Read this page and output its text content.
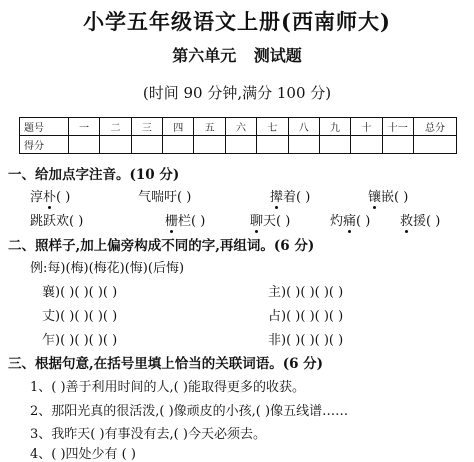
小学五年级语文上册(西南师大)
第六单元 测试题
(时间 90 分钟,满分 100 分)
题号	一	二	三	四	五	六	七	八	九	十	十一	总分
得分												
一、给加点字注音。(10 分)
淳朴( )	气喘吁( )	撵着( )	镶嵌( )
跳跃欢( )	栅栏( )	聊天( )	灼痛( ) 救援( )
二、照样子,加上偏旁构成不同的字,再组词。(6 分)
例:每)(梅)(梅花)(悔)(后悔)
襄)( )( )( )( )	主)( )( )( )( )
丈)( )( )( )( )	占)( )( )( )( )
乍)( )( )( )( )	非)( )( )( )( )
三、根据句意,在括号里填上恰当的关联词语。(6 分)
1、( )善于利用时间的人,( )能取得更多的收获。
2、那阳光真的很活泼,( )像顽皮的小孩,( )像五线谱……
3、我昨天( )有事没有去,( )今天必须去。
4、( )四处少有 ( )
